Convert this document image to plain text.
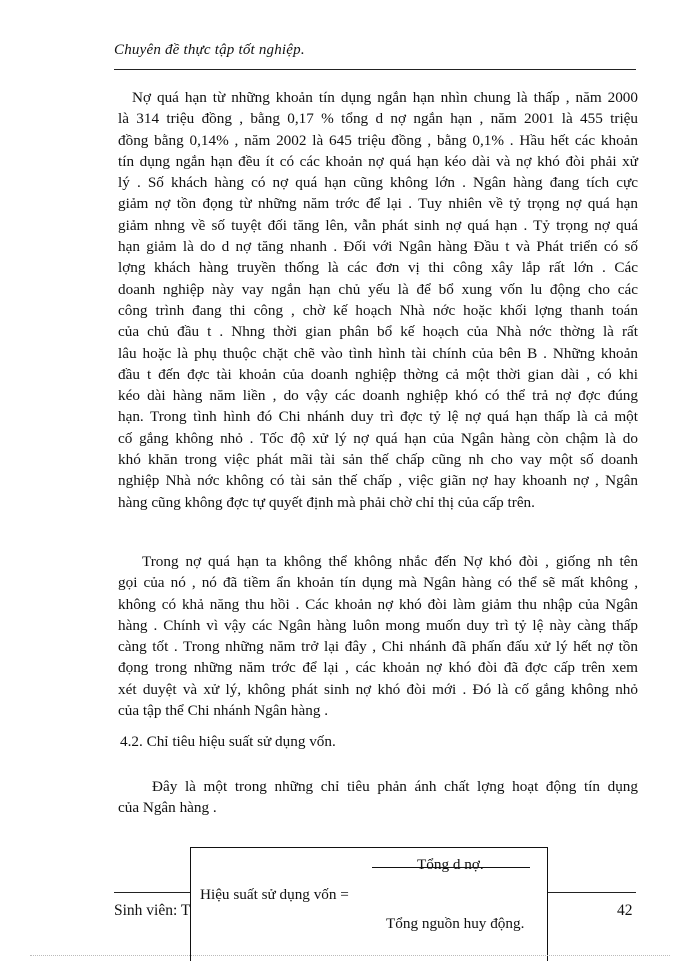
Chuyên đề thực tập tốt nghiệp.
Nợ quá hạn từ những khoản tín dụng ngắn hạn nhìn chung là thấp , năm 2000
là 314 triệu đồng , bằng 0,17 % tổng d nợ ngắn hạn , năm 2001 là 455 triệu
đồng bằng 0,14% , năm 2002 là 645 triệu đồng , bằng 0,1% . Hầu hết các khoản
tín dụng ngắn hạn đều ít có các khoản nợ quá hạn kéo dài và nợ khó đòi phải xử
lý . Số khách hàng có nợ quá hạn cũng không lớn . Ngân hàng đang tích cực
giảm nợ tồn đọng từ những năm trớc để lại . Tuy nhiên về tỷ trọng nợ quá hạn
giảm nhng về số tuyệt đối tăng lên, vẫn phát sinh nợ quá hạn . Tỷ trọng nợ quá
hạn giảm là do d nợ tăng nhanh . Đối với Ngân hàng Đầu t và Phát triển có số
lợng khách hàng truyền thống là các đơn vị thi công xây lắp rất lớn . Các
doanh nghiệp này vay ngắn hạn chủ yếu là để bổ xung vốn lu động cho các
công trình đang thi công , chờ kế hoạch Nhà nớc hoặc khối lợng thanh toán
của chủ đầu t . Nhng thời gian phân bổ kế hoạch của Nhà nớc thờng là rất
lâu hoặc là phụ thuộc chặt chẽ vào tình hình tài chính của bên B . Những khoản
đầu t đến đợc tài khoản của doanh nghiệp thờng cả một thời gian dài , có khi
kéo dài hàng năm liền , do vậy các doanh nghiệp khó có thể trả nợ đợc đúng
hạn. Trong tình hình đó Chi nhánh duy trì đợc tỷ lệ nợ quá hạn thấp là cả một
cố gắng không nhỏ . Tốc độ xử lý nợ quá hạn của Ngân hàng còn chậm là do
khó khăn trong việc phát mãi tài sản thế chấp cũng nh cho vay một số doanh
nghiệp Nhà nớc không có tài sản thế chấp , việc giãn nợ hay khoanh nợ , Ngân
hàng cũng không đợc tự quyết định mà phải chờ chỉ thị của cấp trên.
Trong nợ quá hạn ta không thể không nhắc đến Nợ khó đòi , giống nh tên
gọi của nó , nó đã tiềm ẩn khoản tín dụng mà Ngân hàng có thể sẽ mất không ,
không có khả năng thu hồi . Các khoản nợ khó đòi làm giảm thu nhập của Ngân
hàng . Chính vì vậy các Ngân hàng luôn mong muốn duy trì tỷ lệ này càng thấp
càng tốt . Trong những năm trở lại đây , Chi nhánh đã phấn đấu xử lý hết nợ tồn
đọng trong những năm trớc để lại , các khoản nợ khó đòi đã đợc cấp trên xem
xét duyệt và xử lý, không phát sinh nợ khó đòi mới . Đó là cố gắng không nhỏ
của tập thể Chi nhánh Ngân hàng .
4.2. Chỉ tiêu hiệu suất sử dụng vốn.
Đây là một trong những chỉ tiêu phản ánh chất lợng hoạt động tín dụng
của Ngân hàng .
Sinh viên: T	42
Hiệu suất sử dụng vốn =
Tổng d nợ.
Tổng nguồn huy động.
